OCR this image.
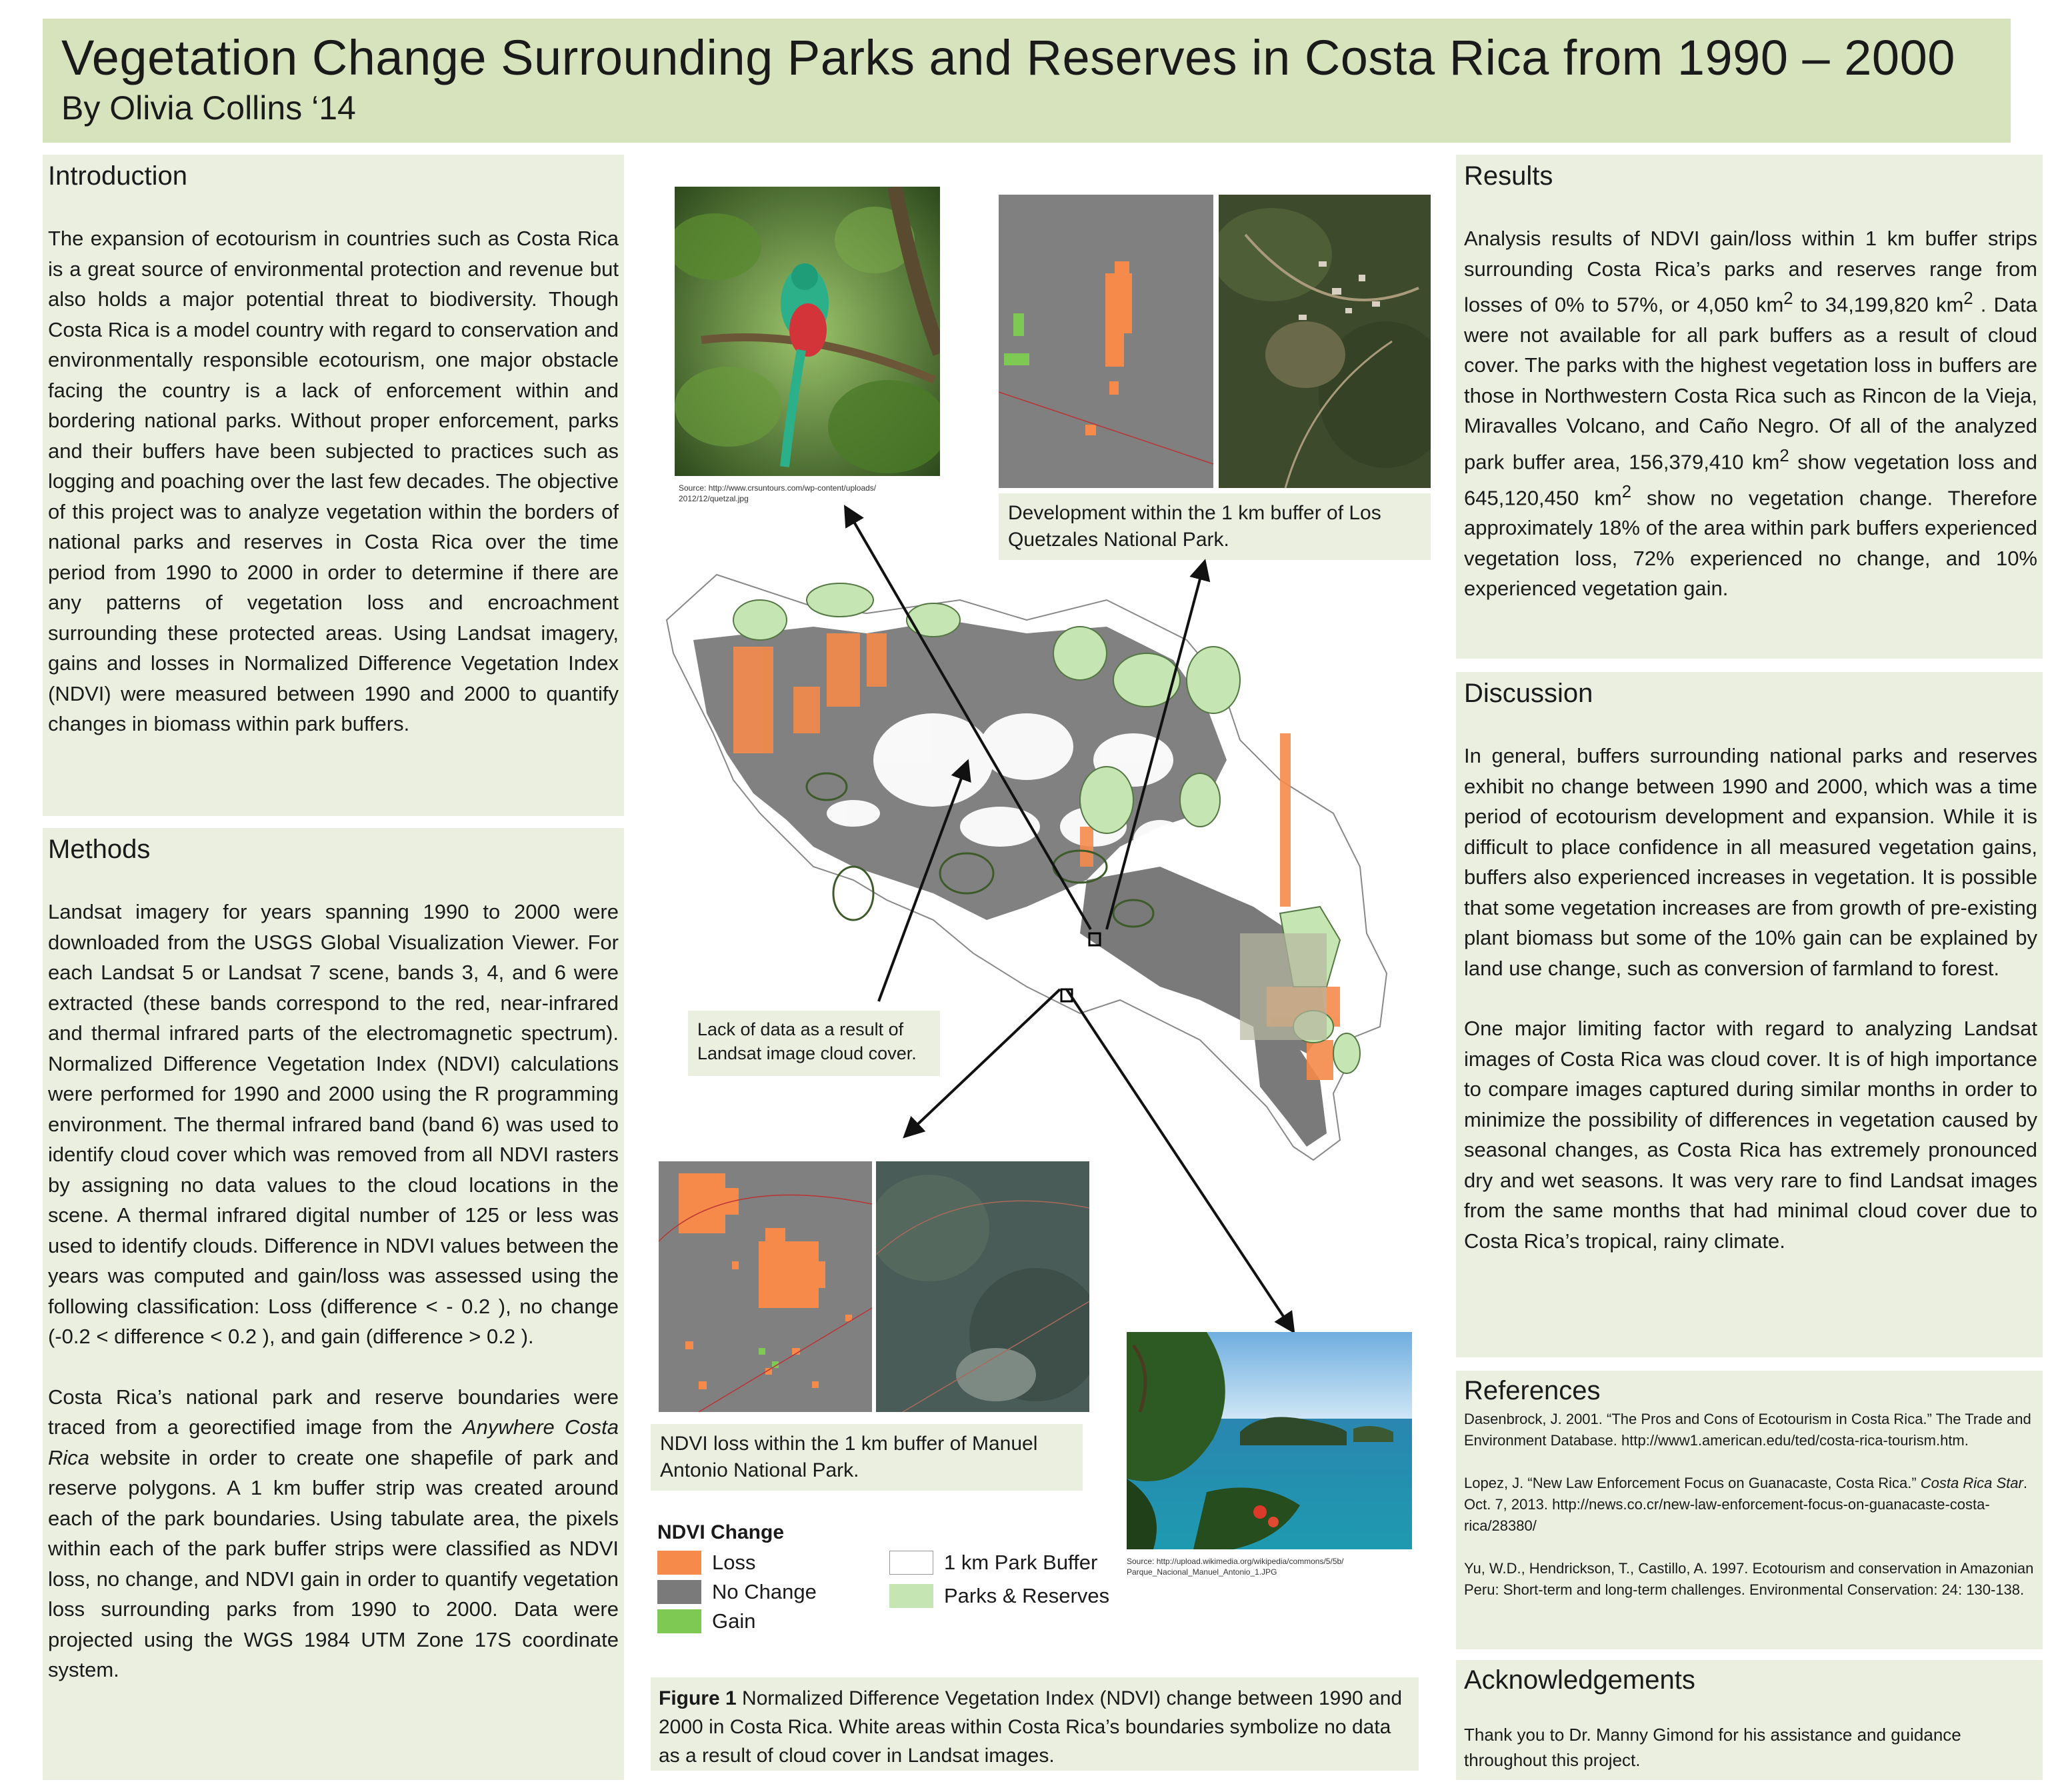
Vegetation Change Surrounding Parks and Reserves in Costa Rica from 1990 – 2000
By Olivia Collins ‘14
Introduction
The expansion of ecotourism in countries such as Costa Rica is a great source of environmental protection and revenue but also holds a major potential threat to biodiversity. Though Costa Rica is a model country with regard to conservation and environmentally responsible ecotourism, one major obstacle facing the country is a lack of enforcement within and bordering national parks. Without proper enforcement, parks and their buffers have been subjected to practices such as logging and poaching over the last few decades. The objective of this project was to analyze vegetation within the borders of national parks and reserves in Costa Rica over the time period from 1990 to 2000 in order to determine if there are any patterns of vegetation loss and encroachment surrounding these protected areas. Using Landsat imagery, gains and losses in Normalized Difference Vegetation Index (NDVI) were measured between 1990 and 2000 to quantify changes in biomass within park buffers.
Methods

Landsat imagery for years spanning 1990 to 2000 were downloaded from the USGS Global Visualization Viewer. For each Landsat 5 or Landsat 7 scene, bands 3, 4, and 6 were extracted (these bands correspond to the red, near-infrared and thermal infrared parts of the electromagnetic spectrum). Normalized Difference Vegetation Index (NDVI) calculations were performed for 1990 and 2000 using the R programming environment. The thermal infrared band (band 6) was used to identify cloud cover which was removed from all NDVI rasters by assigning no data values to the cloud locations in the scene. A thermal infrared digital number of 125 or less was used to identify clouds. Difference in NDVI values between the years was computed and gain/loss was assessed using the following classification: Loss (difference < - 0.2 ), no change (-0.2 < difference < 0.2 ), and gain (difference > 0.2 ).

Costa Rica’s national park and reserve boundaries were traced from a georectified image from the Anywhere Costa Rica website in order to create one shapefile of park and reserve polygons. A 1 km buffer strip was created around each of the park boundaries. Using tabulate area, the pixels within each of the park buffer strips were classified as NDVI loss, no change, and NDVI gain in order to quantify vegetation loss surrounding parks from 1990 to 2000. Data were projected using the WGS 1984 UTM Zone 17S coordinate system.

Results
Analysis results of NDVI gain/loss within 1 km buffer strips surrounding Costa Rica’s parks and reserves range from losses of 0% to 57%, or 4,050 $km^2$ to 34,199,820 $km^2$ . Data were not available for all park buffers as a result of cloud cover. The parks with the highest vegetation loss in buffers are those in Northwestern Costa Rica such as Rincon de la Vieja, Miravalles Volcano, and Caño Negro. Of all of the analyzed park buffer area, 156,379,410 $km^2$ show vegetation loss and 645,120,450 $km^2$ show no vegetation change. Therefore approximately 18% of the area within park buffers experienced vegetation loss, 72% experienced no change, and 10% experienced vegetation gain.
Discussion

In general, buffers surrounding national parks and reserves exhibit no change between 1990 and 2000, which was a time period of ecotourism development and expansion. While it is difficult to place confidence in all measured vegetation gains, buffers also experienced increases in vegetation. It is possible that some vegetation increases are from growth of pre-existing plant biomass but some of the 10% gain can be explained by land use change, such as conversion of farmland to forest.

One major limiting factor with regard to analyzing Landsat images of Costa Rica was cloud cover. It is of high importance to compare images captured during similar months in order to minimize the possibility of differences in vegetation caused by seasonal changes, as Costa Rica has extremely pronounced dry and wet seasons. It was very rare to find Landsat images from the same months that had minimal cloud cover due to Costa Rica’s tropical, rainy climate.

References

Dasenbrock, J. 2001. “The Pros and Cons of Ecotourism in Costa Rica.” The Trade and Environment Database. http://www1.american.edu/ted/costa-rica-tourism.htm.

Lopez, J. “New Law Enforcement Focus on Guanacaste, Costa Rica.” Costa Rica Star. Oct. 7, 2013. http://news.co.cr/new-law-enforcement-focus-on-guanacaste-costa-rica/28380/

Yu, W.D., Hendrickson, T., Castillo, A. 1997. Ecotourism and conservation in Amazonian Peru: Short-term and long-term challenges. Environmental Conservation: 24: 130-138.

Acknowledgements
Thank you to Dr. Manny Gimond for his assistance and guidance throughout this project.
Source: http://www.crsuntours.com/wp-content/uploads/
2012/12/quetzal.jpg
Development within the 1 km buffer of Los Quetzales National Park.
Lack of data as a result of Landsat image cloud cover.
NDVI loss within the 1 km buffer of Manuel Antonio National Park.
Source: http://upload.wikimedia.org/wikipedia/commons/5/5b/
Parque_Nacional_Manuel_Antonio_1.JPG
NDVI Change
Loss
No Change
Gain
1 km Park Buffer
Parks & Reserves
Figure 1 Normalized Difference Vegetation Index (NDVI) change between 1990 and 2000 in Costa Rica. White areas within Costa Rica’s boundaries symbolize no data as a result of cloud cover in Landsat images.
